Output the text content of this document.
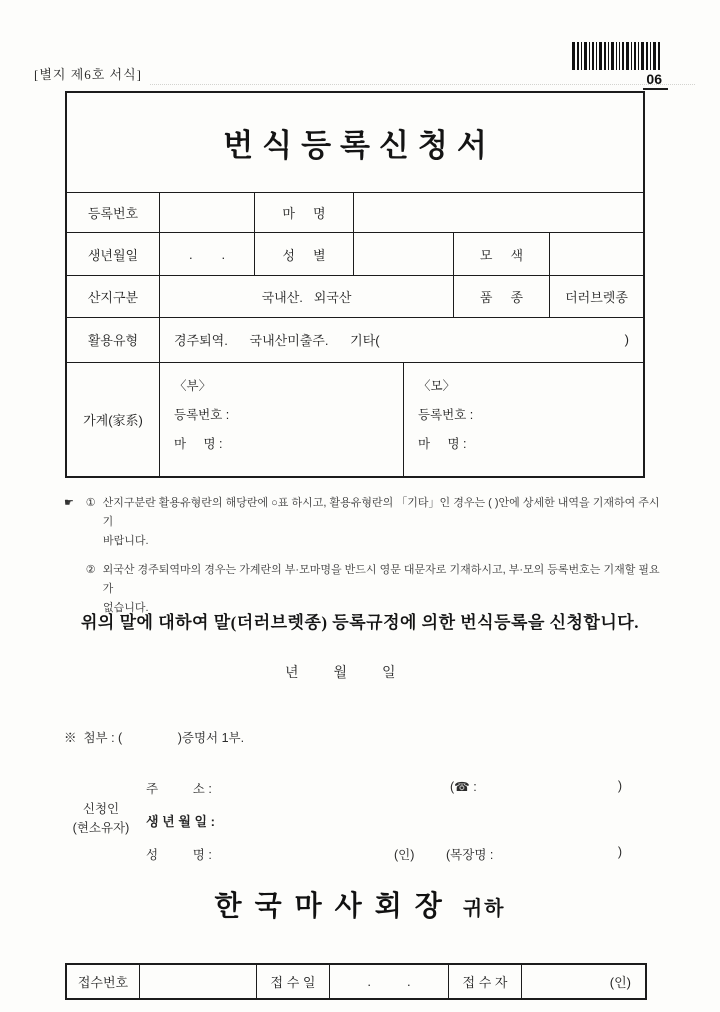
[별지 제6호 서식]	06
번식등록신청서
등록번호	마     명
생년월일	.        .	성     별	모     색
산지구분	국내산.   외국산	품     종	더러브렛종
활용유형	경주퇴역.      국내산미출주.      기타(	)
가계(家系)
〈부〉
등록번호 :
마     명 :
〈모〉
등록번호 :
마     명 :
☛	① 산지구분란 활용유형란의 해당란에 ○표 하시고, 활용유형란의 「기타」인 경우는 ( )안에 상세한 내역을 기재하여 주시기
바랍니다.
② 외국산 경주퇴역마의 경우는 가계란의 부·모마명을 반드시 영문 대문자로 기재하시고, 부·모의 등록번호는 기재할 필요가
없습니다.
위의 말에 대하여 말(더러브렛종) 등록규정에 의한 번식등록을 신청합니다.
년         월         일
※  첨부 : (                )증명서 1부.
신청인
(현소유자)
주          소 :	(☎ :	)
생 년 월 일 :
성          명 :	(인)	(목장명 :	)
한국마사회장 귀하
접수번호	접 수 일	.          .	접 수 자	(인)
